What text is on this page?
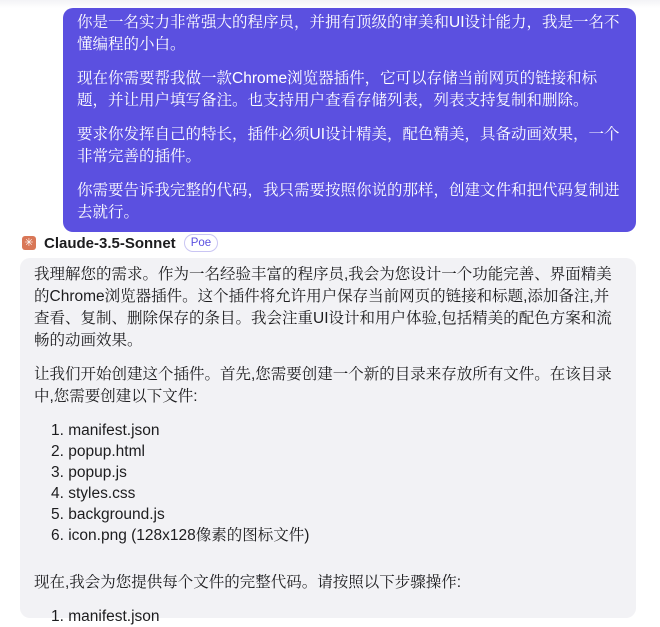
你是一名实力非常强大的程序员，并拥有顶级的审美和UI设计能力，我是一名不懂编程的小白。

现在你需要帮我做一款Chrome浏览器插件，它可以存储当前网页的链接和标题，并让用户填写备注。也支持用户查看存储列表，列表支持复制和删除。

要求你发挥自己的特长，插件必须UI设计精美，配色精美，具备动画效果，一个非常完善的插件。

你需要告诉我完整的代码，我只需要按照你说的那样，创建文件和把代码复制进去就行。

✳ Claude-3.5-Sonnet	Poe

我理解您的需求。作为一名经验丰富的程序员,我会为您设计一个功能完善、界面精美的Chrome浏览器插件。这个插件将允许用户保存当前网页的链接和标题,添加备注,并查看、复制、删除保存的条目。我会注重UI设计和用户体验,包括精美的配色方案和流畅的动画效果。

让我们开始创建这个插件。首先,您需要创建一个新的目录来存放所有文件。在该目录中,您需要创建以下文件:

1. manifest.json
2. popup.html
3. popup.js
4. styles.css
5. background.js
6. icon.png (128x128像素的图标文件)

现在,我会为您提供每个文件的完整代码。请按照以下步骤操作:

1. manifest.json
